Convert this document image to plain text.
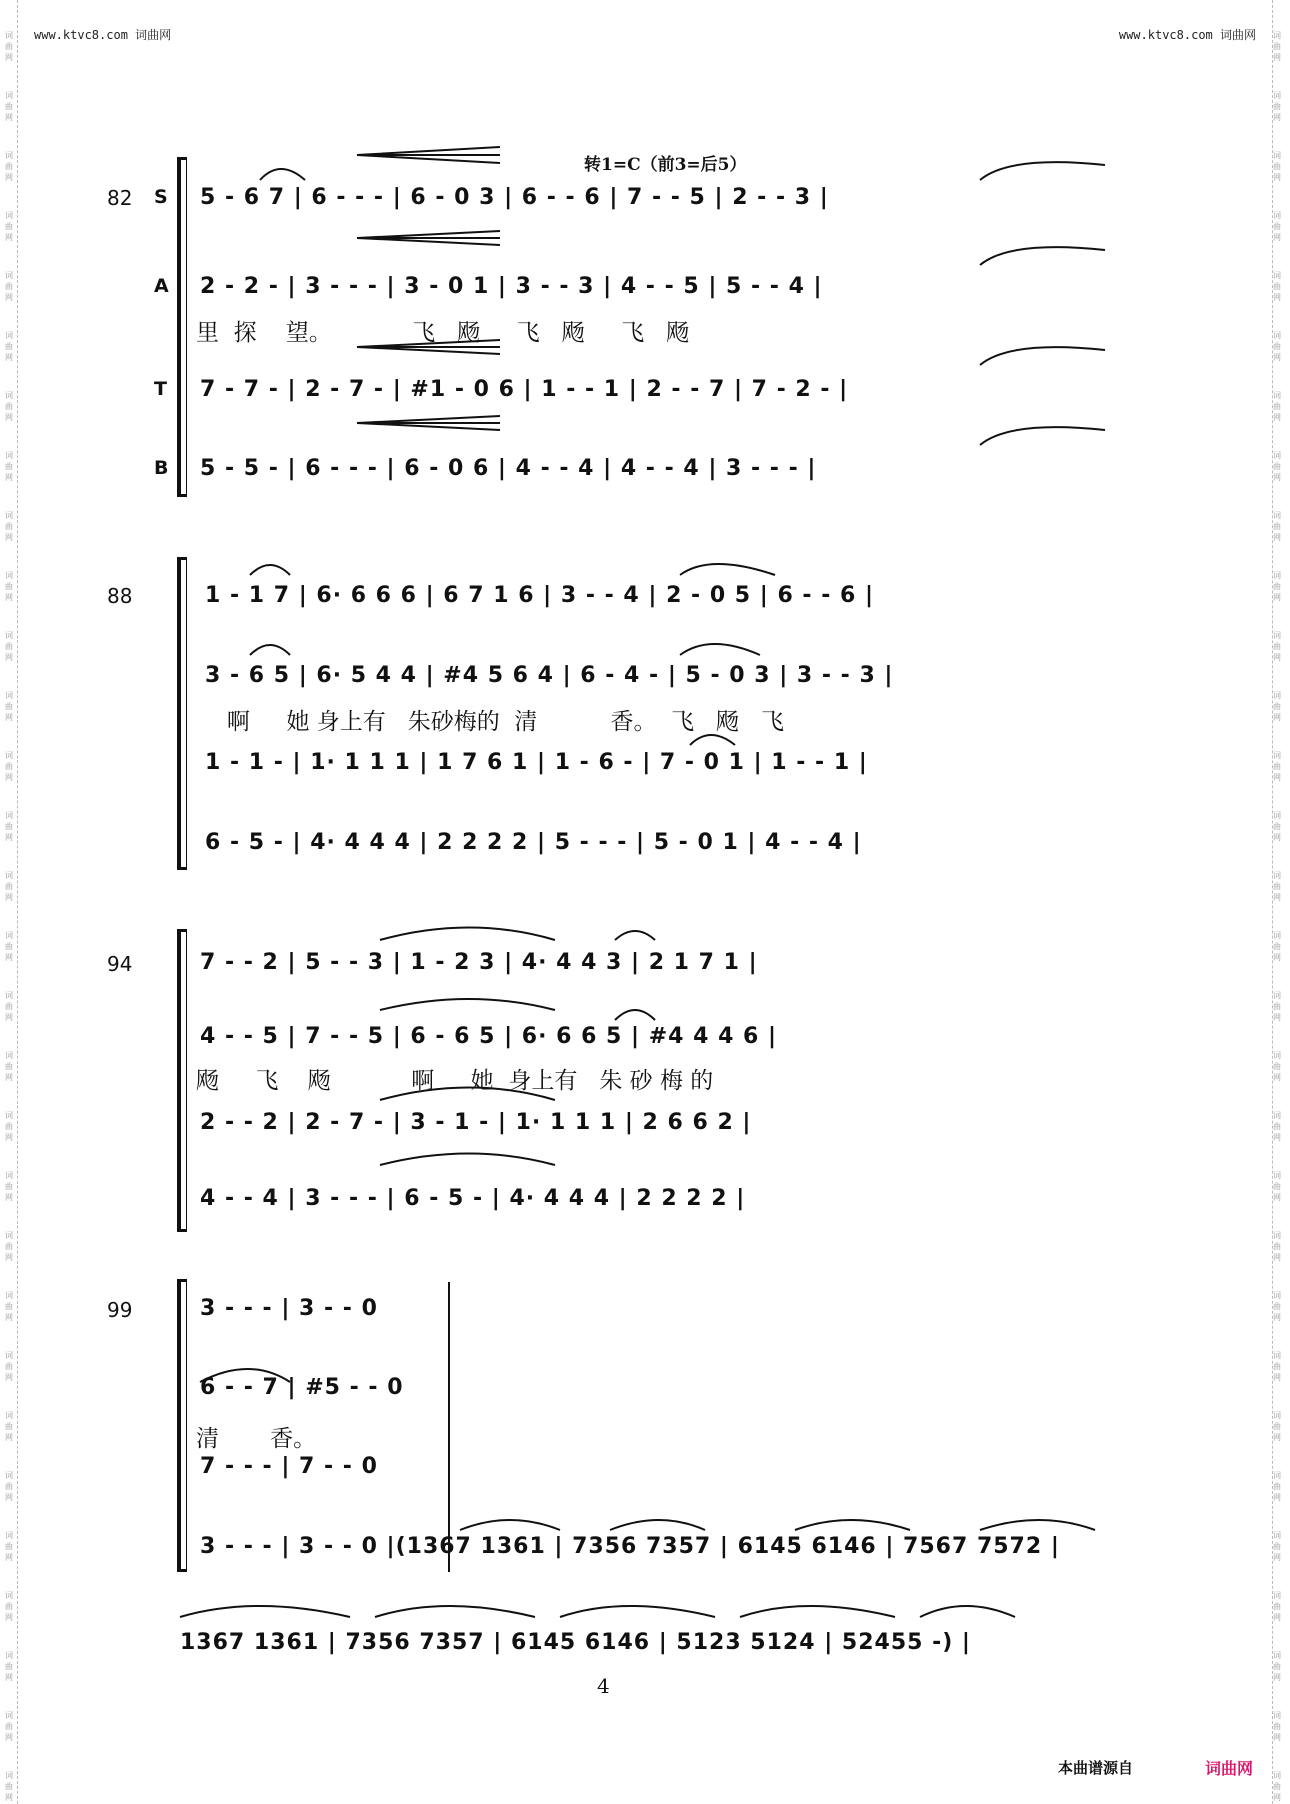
www.ktvc8.com 词曲网	www.ktvc8.com 词曲网
词
曲
网
词
曲
网
词
曲
网
词
曲
网
词
曲
网
词
曲
网
词
曲
网
词
曲
网
词
曲
网
词
曲
网
词
曲
网
词
曲
网
词
曲
网
词
曲
网
词
曲
网
词
曲
网
词
曲
网
词
曲
网
词
曲
网
词
曲
网
词
曲
网
词
曲
网
词
曲
网
词
曲
网
词
曲
网
词
曲
网
词
曲
网
词
曲
网
词
曲
网
词
曲
网
词
曲
网
词
曲
网
词
曲
网
词
曲
网
词
曲
网
词
曲
网
词
曲
网
词
曲
网
词
曲
网
词
曲
网
词
曲
网
词
曲
网
词
曲
网
词
曲
网
词
曲
网
词
曲
网
词
曲
网
词
曲
网
词
曲
网
词
曲
网
词
曲
网
词
曲
网
词
曲
网
词
曲
网
词
曲
网
词
曲
网
词
曲
网
词
曲
网
词
曲
网
词
曲
网
转1=C（前3=后5）
82 S
A
T
B
5 - 6 7 | 6 - - - | 6 - 0 3 | 6 - - 6 | 7 - - 5 | 2 - - 3 |
2 - 2 - | 3 - - - | 3 - 0 1 | 3 - - 3 | 4 - - 5 | 5 - - 4 |
里  探    望。           飞   飏     飞   飏     飞   飏
7 - 7 - | 2 - 7 - | #1 - 0 6 | 1 - - 1 | 2 - - 7 | 7 - 2 - |
5 - 5 - | 6 - - - | 6 - 0 6 | 4 - - 4 | 4 - - 4 | 3 - - - |
88	1 - 1 7 | 6· 6 6 6 | 6 7 1 6 | 3 - - 4 | 2 - 0 5 | 6 - - 6 |
3 - 6 5 | 6· 5 4 4 | #4 5 6 4 | 6 - 4 - | 5 - 0 3 | 3 - - 3 |
啊     她 身上有   朱砂梅的  清          香。  飞   飏   飞
1 - 1 - | 1· 1 1 1 | 1 7 6 1 | 1 - 6 - | 7 - 0 1 | 1 - - 1 |
6 - 5 - | 4· 4 4 4 | 2 2 2 2 | 5 - - - | 5 - 0 1 | 4 - - 4 |
94	7 - - 2 | 5 - - 3 | 1 - 2 3 | 4· 4 4 3 | 2 1 7 1 |
4 - - 5 | 7 - - 5 | 6 - 6 5 | 6· 6 6 5 | #4 4 4 6 |
飏     飞    飏           啊     她  身上有   朱 砂 梅 的
2 - - 2 | 2 - 7 - | 3 - 1 - | 1· 1 1 1 | 2 6 6 2 |
4 - - 4 | 3 - - - | 6 - 5 - | 4· 4 4 4 | 2 2 2 2 |
99	3 - - - | 3 - - 0
6 - - 7 | #5 - - 0
清       香。
7 - - - | 7 - - 0
3 - - - | 3 - - 0 |(1367 1361 | 7356 7357 | 6145 6146 | 7567 7572 |
1367 1361 | 7356 7357 | 6145 6146 | 5123 5124 | 52455 -) |
4
本曲谱源自	词曲网
